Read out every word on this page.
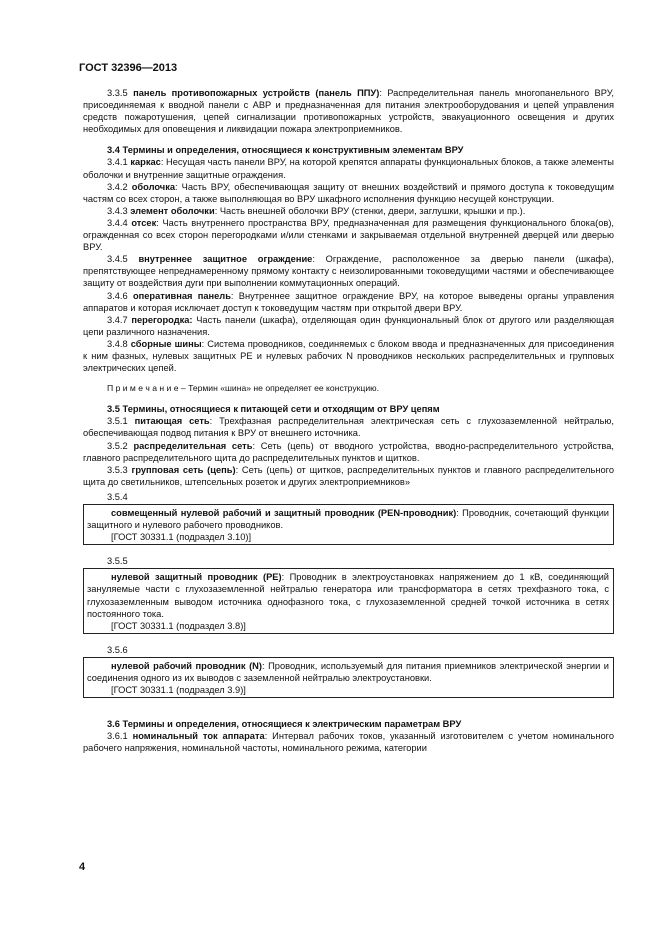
ГОСТ 32396—2013

3.3.5 панель противопожарных устройств (панель ППУ): Распределительная панель многопанельного ВРУ, присоединяемая к вводной панели с АВР и предназначенная для питания электрооборудования и цепей управления средств пожаротушения, цепей сигнализации противопожарных устройств, эвакуационного освещения и других необходимых для оповещения и ликвидации пожара электроприемников.

3.4 Термины и определения, относящиеся к конструктивным элементам ВРУ

3.4.1 каркас: Несущая часть панели ВРУ, на которой крепятся аппараты функциональных блоков, а также элементы оболочки и внутренние защитные ограждения.

3.4.2 оболочка: Часть ВРУ, обеспечивающая защиту от внешних воздействий и прямого доступа к токоведущим частям со всех сторон, а также выполняющая во ВРУ шкафного исполнения функцию несущей конструкции.

3.4.3 элемент оболочки: Часть внешней оболочки ВРУ (стенки, двери, заглушки, крышки и пр.).

3.4.4 отсек: Часть внутреннего пространства ВРУ, предназначенная для размещения функционального блока(ов), огражденная со всех сторон перегородками и/или стенками и закрываемая отдельной внутренней дверцей или дверью ВРУ.

3.4.5 внутреннее защитное ограждение: Ограждение, расположенное за дверью панели (шкафа), препятствующее непреднамеренному прямому контакту с неизолированными токоведущими частями и обеспечивающее защиту от воздействия дуги при выполнении коммутационных операций.

3.4.6 оперативная панель: Внутреннее защитное ограждение ВРУ, на которое выведены органы управления аппаратов и которая исключает доступ к токоведущим частям при открытой двери ВРУ.

3.4.7 перегородка: Часть панели (шкафа), отделяющая один функциональный блок от другого или разделяющая цепи различного назначения.

3.4.8 сборные шины: Система проводников, соединяемых с блоком ввода и предназначенных для присоединения к ним фазных, нулевых защитных PE и нулевых рабочих N проводников нескольких распределительных и групповых электрических цепей.

П р и м е ч а н и е – Термин «шина» не определяет ее конструкцию.

3.5 Термины, относящиеся к питающей сети и отходящим от ВРУ цепям

3.5.1 питающая сеть: Трехфазная распределительная электрическая сеть с глухозаземленной нейтралью, обеспечивающая подвод питания к ВРУ от внешнего источника.

3.5.2 распределительная сеть: Сеть (цепь) от вводного устройства, вводно-распределительного устройства, главного распределительного щита до распределительных пунктов и щитков.

3.5.3 групповая сеть (цепь): Сеть (цепь) от щитков, распределительных пунктов и главного распределительного щита до светильников, штепсельных розеток и других электроприемников»

3.5.4

совмещенный нулевой рабочий и защитный проводник (PEN-проводник): Проводник, сочетающий функции защитного и нулевого рабочего проводников.

[ГОСТ 30331.1 (подраздел 3.10)]

3.5.5

нулевой защитный проводник (PE): Проводник в электроустановках напряжением до 1 кВ, соединяющий зануляемые части с глухозаземленной нейтралью генератора или трансформатора в сетях трехфазного тока, с глухозаземленным выводом источника однофазного тока, с глухозаземленной средней точкой источника в сетях постоянного тока.

[ГОСТ 30331.1 (подраздел 3.8)]

3.5.6

нулевой рабочий проводник (N): Проводник, используемый для питания приемников электрической энергии и соединения одного из их выводов с заземленной нейтралью электроустановки.

[ГОСТ 30331.1 (подраздел 3.9)]

3.6 Термины и определения, относящиеся к электрическим параметрам ВРУ

3.6.1 номинальный ток аппарата: Интервал рабочих токов, указанный изготовителем с учетом номинального рабочего напряжения, номинальной частоты, номинального режима, категории

4
